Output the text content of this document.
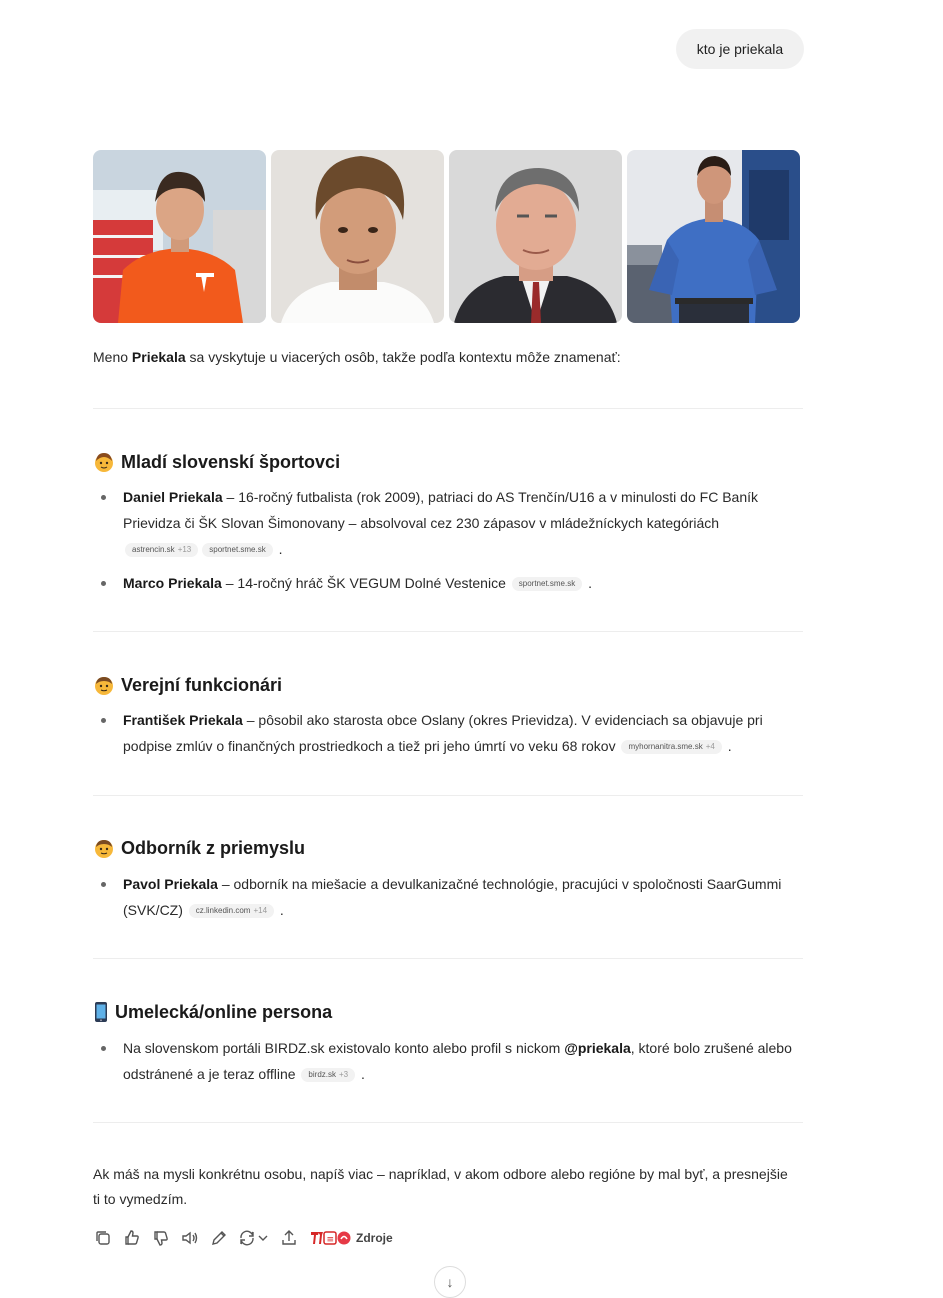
kto je priekala
Meno Priekala sa vyskytuje u viacerých osôb, takže podľa kontextu môže znamenať:
Mladí slovenskí športovci
Daniel Priekala – 16-ročný futbalista (rok 2009), patriaci do AS Trenčín/U16 a v minulosti do FC Baník Prievidza či ŠK Slovan Šimonovany – absolvoval cez 230 zápasov v mládežníckych kategóriách
astrencin.sk +13 sportnet.sme.sk .
Marco Priekala – 14-ročný hráč ŠK VEGUM Dolné Vestenice sportnet.sme.sk .
Verejní funkcionári
František Priekala – pôsobil ako starosta obce Oslany (okres Prievidza). V evidenciach sa objavuje pri podpise zmlúv o finančných prostriedkoch a tiež pri jeho úmrtí vo veku 68 rokov myhornanitra.sme.sk +4 .
Odborník z priemyslu
Pavol Priekala – odborník na miešacie a devulkanizačné technológie, pracujúci v spoločnosti SaarGummi (SVK/CZ) cz.linkedin.com +14 .
Umelecká/online persona
Na slovenskom portáli BIRDZ.sk existovalo konto alebo profil s nickom @priekala, ktoré bolo zrušené alebo odstránené a je teraz offline birdz.sk +3 .
Ak máš na mysli konkrétnu osobu, napíš viac – napríklad, v akom odbore alebo regióne by mal byť, a presnejšie ti to vymedzím.
≡ Zdroje
↓
